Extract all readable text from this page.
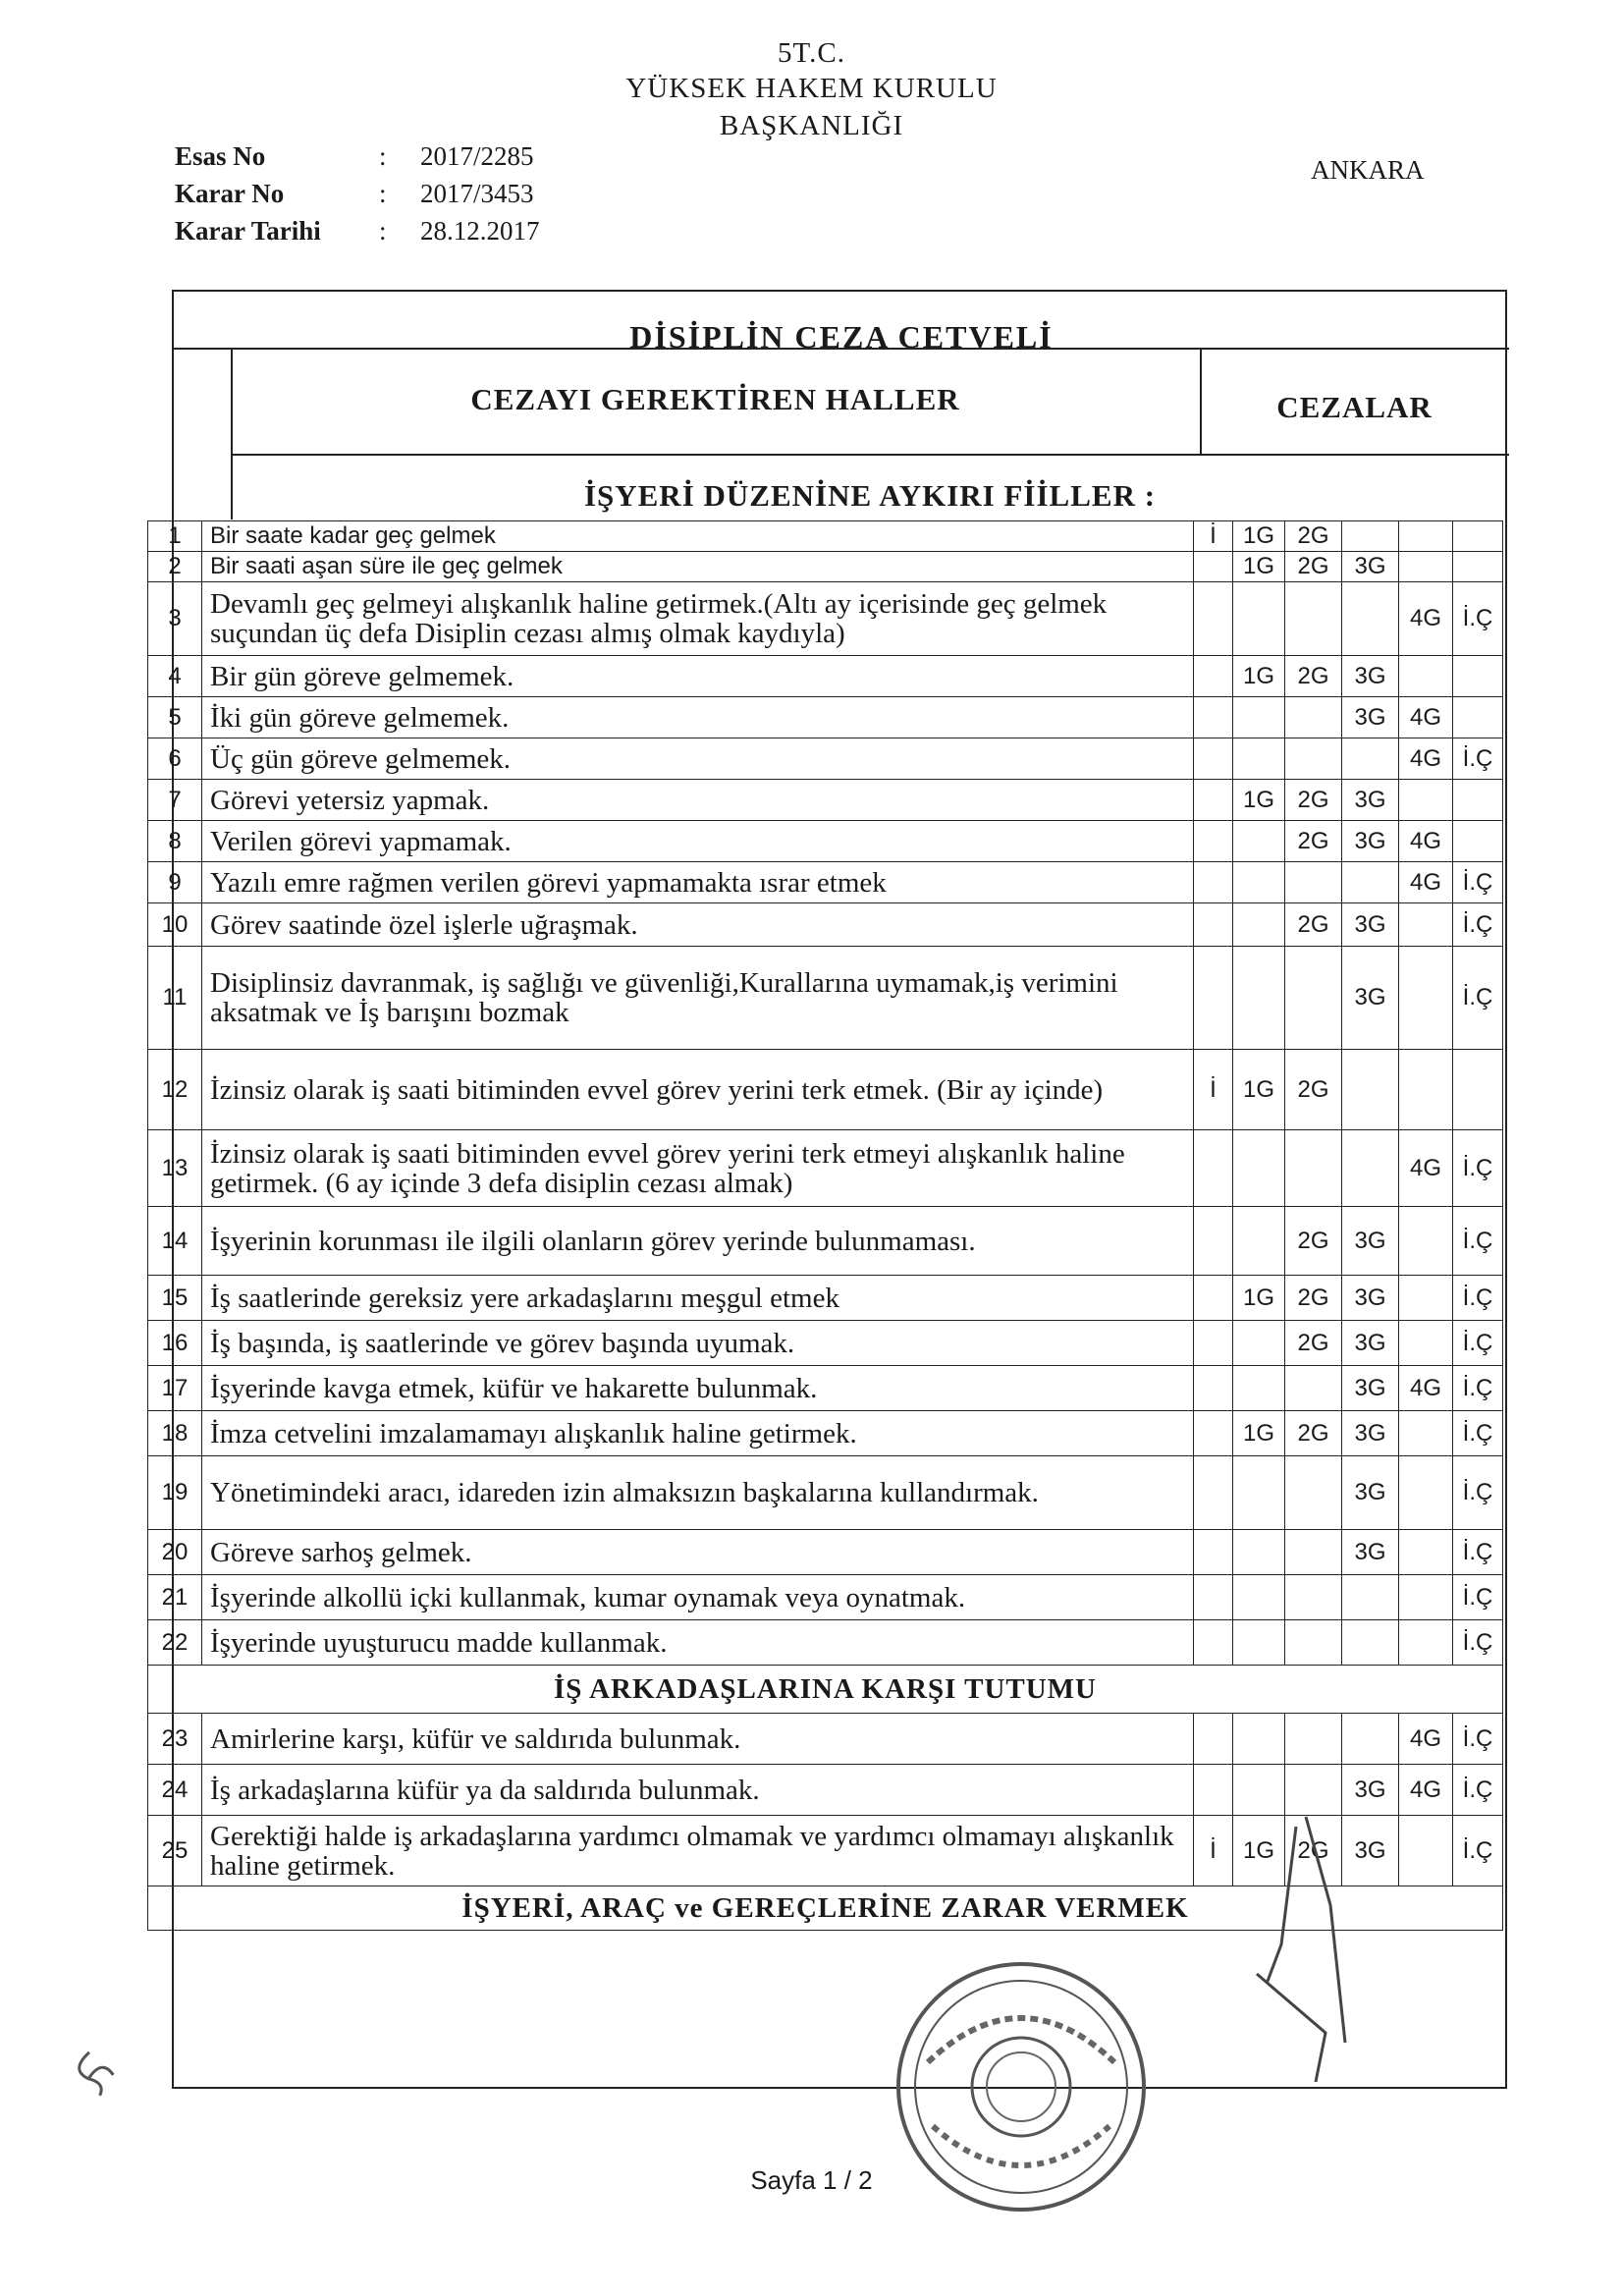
5T.C.
YÜKSEK HAKEM KURULU
BAŞKANLIĞI
ANKARA
Esas No	:	2017/2285
Karar No	:	2017/3453
Karar Tarihi	:	28.12.2017
DİSİPLİN CEZA CETVELİ
CEZAYI GEREKTİREN HALLER	CEZALAR
İŞYERİ DÜZENİNE AYKIRI FİİLLER :
1	Bir saate kadar geç gelmek	İ	1G	2G			
2	Bir saati aşan süre ile geç gelmek		1G	2G	3G		
3	Devamlı geç gelmeyi alışkanlık haline getirmek.(Altı ay içerisinde geç gelmek suçundan üç defa Disiplin cezası almış olmak kaydıyla)					4G	İ.Ç
4	Bir gün göreve gelmemek.		1G	2G	3G		
5	İki gün göreve gelmemek.				3G	4G	
6	Üç gün göreve gelmemek.					4G	İ.Ç
7	Görevi yetersiz yapmak.		1G	2G	3G		
8	Verilen görevi yapmamak.			2G	3G	4G	
9	Yazılı emre rağmen verilen görevi yapmamakta ısrar etmek					4G	İ.Ç
10	Görev saatinde özel işlerle uğraşmak.			2G	3G		İ.Ç
11	Disiplinsiz davranmak, iş sağlığı ve güvenliği,Kurallarına uymamak,iş verimini aksatmak ve İş barışını bozmak				3G		İ.Ç
12	İzinsiz olarak iş saati bitiminden evvel görev yerini terk etmek. (Bir ay içinde)	İ	1G	2G			
13	İzinsiz olarak iş saati bitiminden evvel görev yerini terk etmeyi alışkanlık haline getirmek. (6 ay içinde 3 defa disiplin cezası almak)					4G	İ.Ç
14	İşyerinin korunması ile ilgili olanların görev yerinde bulunmaması.			2G	3G		İ.Ç
15	İş saatlerinde gereksiz yere arkadaşlarını meşgul etmek		1G	2G	3G		İ.Ç
16	İş başında, iş saatlerinde ve görev başında uyumak.			2G	3G		İ.Ç
17	İşyerinde kavga etmek, küfür ve hakarette bulunmak.				3G	4G	İ.Ç
18	İmza cetvelini imzalamamayı alışkanlık haline getirmek.		1G	2G	3G		İ.Ç
19	Yönetimindeki aracı, idareden izin almaksızın başkalarına kullandırmak.				3G		İ.Ç
20	Göreve sarhoş gelmek.				3G		İ.Ç
21	İşyerinde alkollü içki kullanmak, kumar oynamak veya oynatmak.						İ.Ç
22	İşyerinde uyuşturucu madde kullanmak.						İ.Ç
İŞ ARKADAŞLARINA KARŞI TUTUMU							
23	Amirlerine karşı, küfür ve saldırıda bulunmak.					4G	İ.Ç
24	İş arkadaşlarına küfür ya da saldırıda bulunmak.				3G	4G	İ.Ç
25	Gerektiği halde iş arkadaşlarına yardımcı olmamak ve yardımcı olmamayı alışkanlık haline getirmek.	İ	1G	2G	3G		İ.Ç
İŞYERİ, ARAÇ ve GEREÇLERİNE ZARAR VERMEK							
Sayfa 1 / 2
